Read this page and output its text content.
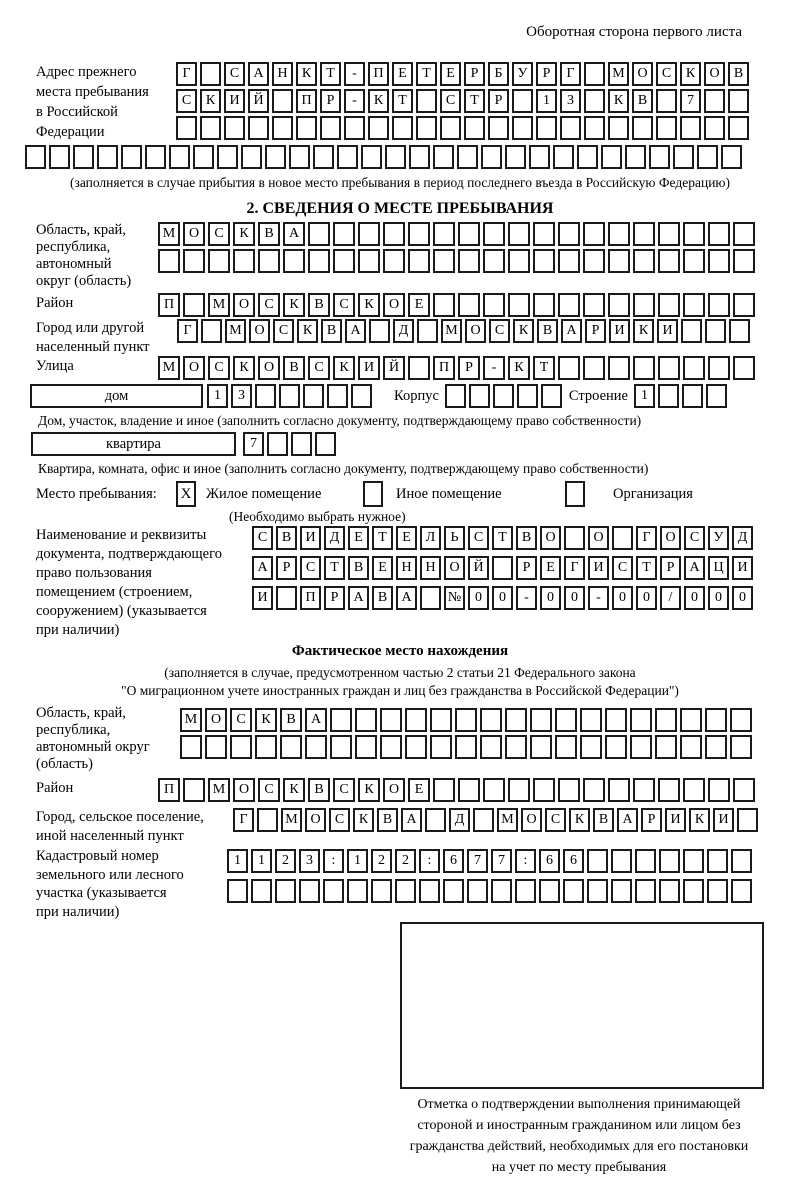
Оборотная сторона первого листа
Адрес прежнего
места пребывания
в Российской
Федерации
Г	С	А Н	К	Т	-	П	Е	Т	Е	Р	Б	У	Р	Г	М О	С	К	О	В
С	К	И Й	П	Р	-	К	Т	С	Т	Р	1	3	К	В	7
(заполняется в случае прибытия в новое место пребывания в период последнего въезда в Российскую Федерацию)
2. СВЕДЕНИЯ О МЕСТЕ ПРЕБЫВАНИЯ
Область, край,
республика,
автономный
округ (область)
М О	С	К	В	А
Район	П	М О	С	К	В	С	К	О	Е
Город или другой
населенный пункт
Г	М О	С	К	В	А	Д	М О	С	К	В	А	Р	И	К	И
Улица	М О	С	К	О	В	С	К	И	Й	П	Р	-	К	Т
дом	1	3	Корпус	Строение 1
Дом, участок, владение и иное (заполнить согласно документу, подтверждающему право собственности)
квартира	7
Квартира, комната, офис и иное (заполнить согласно документу, подтверждающему право собственности)
Место пребывания:	X	Жилое помещение	Иное помещение	Организация
(Необходимо выбрать нужное)
Наименование и реквизиты
документа, подтверждающего
право пользования
помещением (строением,
сооружением) (указывается
при наличии)
С	В	И	Д	Е	Т	Е	Л	Ь	С	Т	В	О	О	Г	О	С	У	Д
А	Р	С	Т	В	Е	Н Н О Й	Р	Е	Г	И	С	Т	Р	А Ц И
И	П	Р	А	В	А	№ 0	0	-	0	0	-	0	0	/	0	0	0
Фактическое место нахождения
(заполняется в случае, предусмотренном частью 2 статьи 21 Федерального закона
"О миграционном учете иностранных граждан и лиц без гражданства в Российской Федерации")
Область, край,
республика,
автономный округ
(область)
М О	С	К	В	А
Район	П	М О	С	К	В	С	К	О	Е
Город, сельское поселение,
иной населенный пункт
Г	М О	С	К	В	А	Д	М О	С	К	В	А	Р	И	К	И
Кадастровый номер
земельного или лесного
участка (указывается
при наличии)
1	1	2	3	:	1	2	2	:	6	7	7	:	6	6
Отметка о подтверждении выполнения принимающей
стороной и иностранным гражданином или лицом без
гражданства действий, необходимых для его постановки
на учет по месту пребывания
